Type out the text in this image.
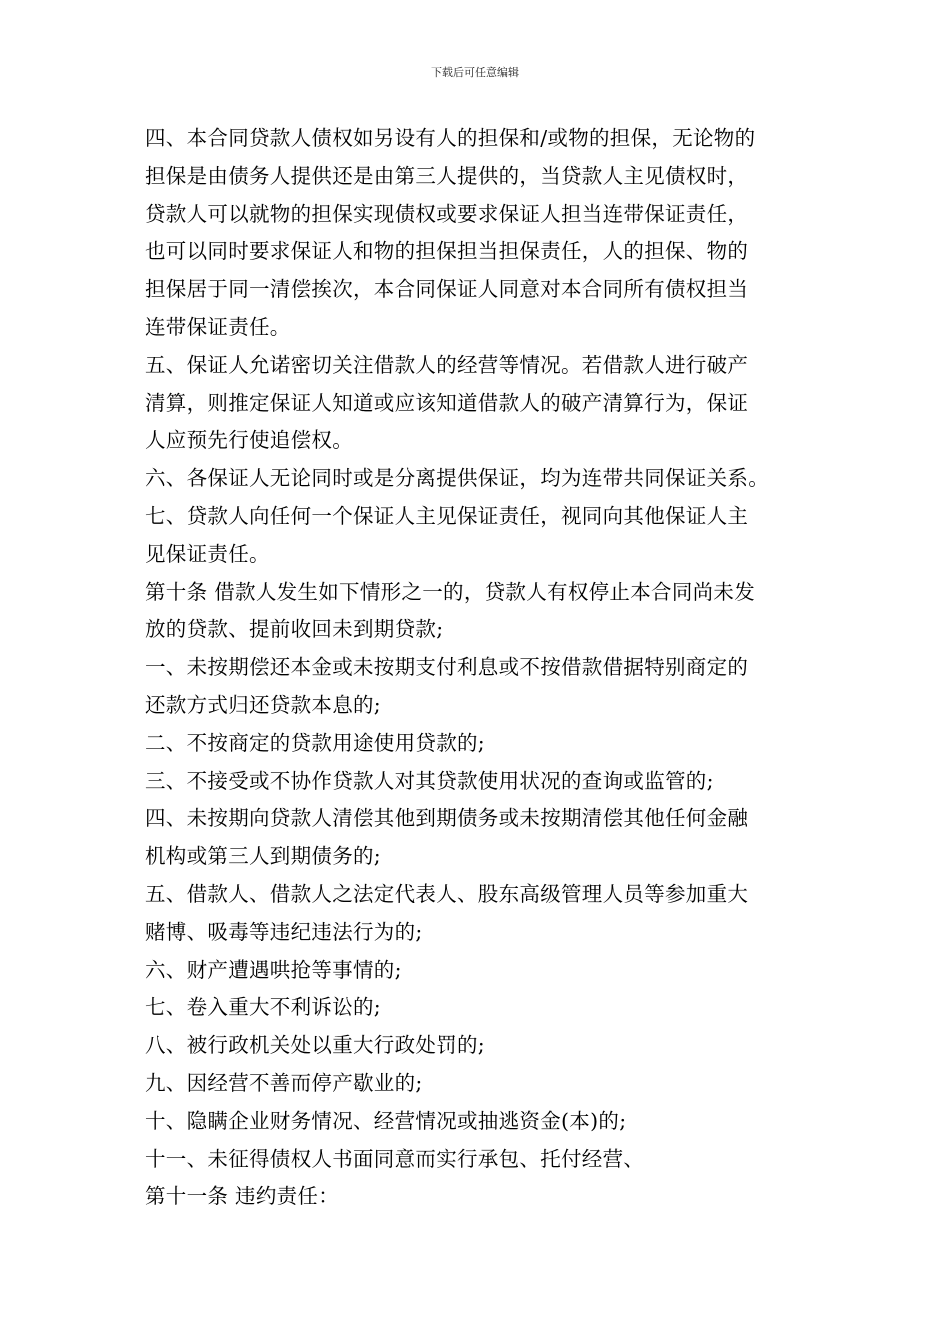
下载后可任意编辑
四、本合同贷款人债权如另设有人的担保和/或物的担保，无论物的
担保是由债务人提供还是由第三人提供的，当贷款人主见债权时，
贷款人可以就物的担保实现债权或要求保证人担当连带保证责任，
也可以同时要求保证人和物的担保担当担保责任，人的担保、物的
担保居于同一清偿挨次，本合同保证人同意对本合同所有债权担当
连带保证责任。
五、保证人允诺密切关注借款人的经营等情况。若借款人进行破产
清算，则推定保证人知道或应该知道借款人的破产清算行为，保证
人应预先行使追偿权。
六、各保证人无论同时或是分离提供保证，均为连带共同保证关系。
七、贷款人向任何一个保证人主见保证责任，视同向其他保证人主
见保证责任。
第十条 借款人发生如下情形之一的，贷款人有权停止本合同尚未发
放的贷款、提前收回未到期贷款;
一、未按期偿还本金或未按期支付利息或不按借款借据特别商定的
还款方式归还贷款本息的;
二、不按商定的贷款用途使用贷款的;
三、不接受或不协作贷款人对其贷款使用状况的查询或监管的;
四、未按期向贷款人清偿其他到期债务或未按期清偿其他任何金融
机构或第三人到期债务的;
五、借款人、借款人之法定代表人、股东高级管理人员等参加重大
赌博、吸毒等违纪违法行为的;
六、财产遭遇哄抢等事情的;
七、卷入重大不利诉讼的;
八、被行政机关处以重大行政处罚的;
九、因经营不善而停产歇业的;
十、隐瞒企业财务情况、经营情况或抽逃资金(本)的;
十一、未征得债权人书面同意而实行承包、托付经营、
第十一条 违约责任：
